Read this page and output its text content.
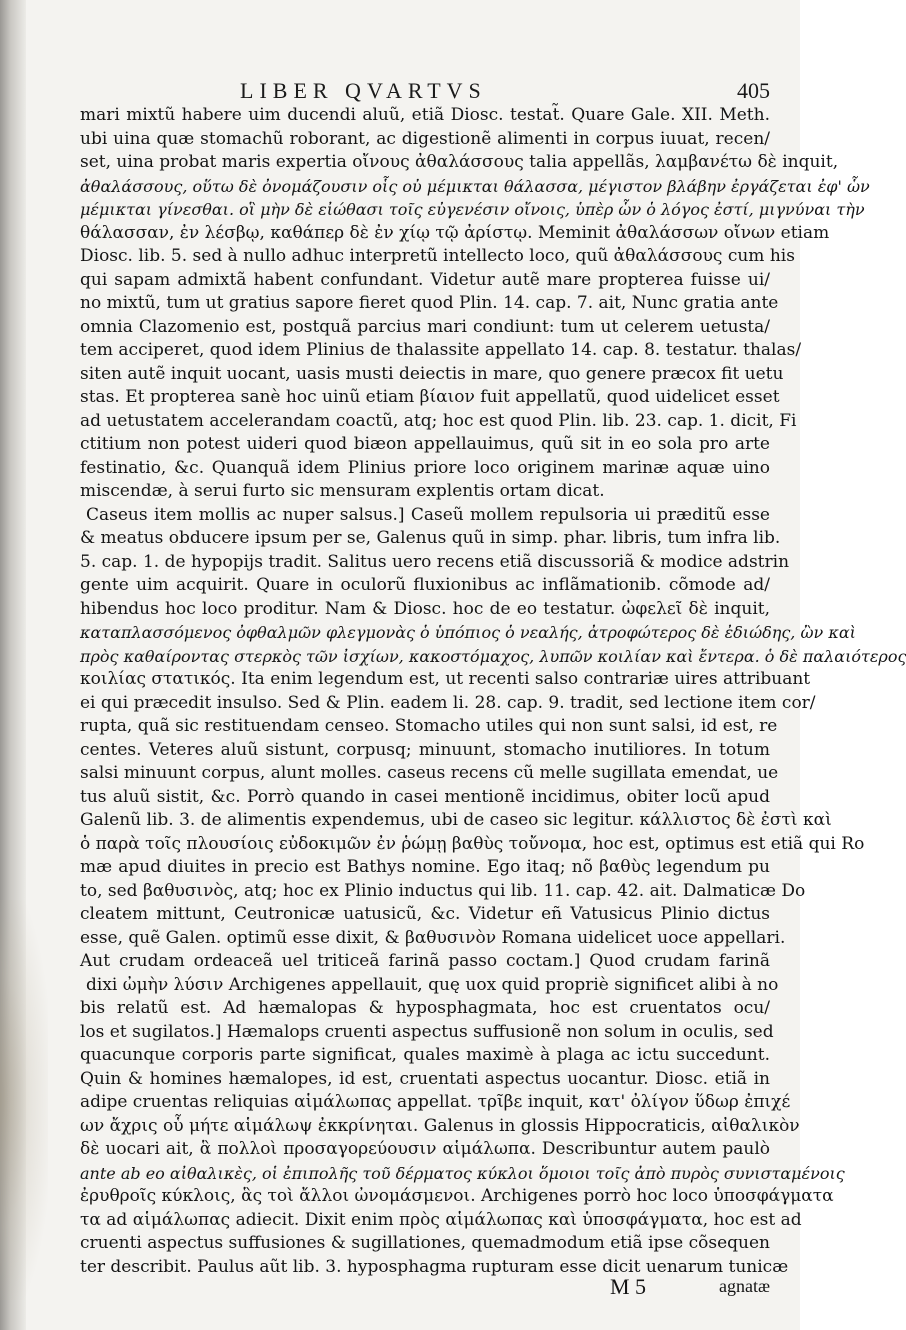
LIBER QVARTVS	405
mari mixtũ habere uim ducendi aluũ, etiã Diosc. testat̃. Quare Gale. XII. Meth.
ubi uina quæ stomachũ roborant, ac digestionẽ alimenti in corpus iuuat, recen/
set, uina probat maris expertia οἴνους ἀθαλάσσους talia appellãs, λαμβανέτω δὲ inquit,
ἀθαλάσσους, οὕτω δὲ ὀνομάζουσιν οἷς οὐ μέμικται θάλασσα, μέγιστον βλάβην ἐργάζεται ἐφ' ὧν
μέμικται γίνεσθαι. οἳ μὴν δὲ εἰώθασι τοῖς εὐγενέσιν οἴνοις, ὑπὲρ ὧν ὁ λόγος ἐστί, μιγνύναι τὴν
θάλασσαν, ἐν λέσβῳ, καθάπερ δὲ ἐν χίῳ τῷ ἀρίστῳ. Meminit ἀθαλάσσων οἴνων etiam
Diosc. lib. 5. sed à nullo adhuc interpretũ intellecto loco, quũ ἀθαλάσσους cum his
qui sapam admixtã habent confundant. Videtur autẽ mare propterea fuisse ui/
no mixtũ, tum ut gratius sapore fieret quod Plin. 14. cap. 7. ait, Nunc gratia ante
omnia Clazomenio est, postquã parcius mari condiunt: tum ut celerem uetusta/
tem acciperet, quod idem Plinius de thalassite appellato 14. cap. 8. testatur. thalas/
siten autẽ inquit uocant, uasis musti deiectis in mare, quo genere præcox fit uetu
stas. Et propterea sanè hoc uinũ etiam βίαιον fuit appellatũ, quod uidelicet esset
ad uetustatem accelerandam coactũ, atq; hoc est quod Plin. lib. 23. cap. 1. dicit, Fi
ctitium non potest uideri quod biæon appellauimus, quũ sit in eo sola pro arte
festinatio, &c. Quanquã idem Plinius priore loco originem marinæ aquæ uino
miscendæ, à serui furto sic mensuram explentis ortam dicat.
Caseus item mollis ac nuper salsus.] Caseũ mollem repulsoria ui præditũ esse
& meatus obducere ipsum per se, Galenus quũ in simp. phar. libris, tum infra lib.
5. cap. 1. de hypopijs tradit. Salitus uero recens etiã discussoriã & modice adstrin
gente uim acquirit. Quare in oculorũ fluxionibus ac inflãmationib. cõmode ad/
hibendus hoc loco proditur. Nam & Diosc. hoc de eo testatur. ὠφελεῖ δὲ inquit,
καταπλασσόμενος ὀφθαλμῶν φλεγμονὰς ὁ ὑπόπιος ὁ νεαλής, ἀτροφώτερος δὲ ἐδιώδης, ὢν καὶ
πρὸς καθαίροντας στερκὸς τῶν ἰσχίων, κακοστόμαχος, λυπῶν κοιλίαν καὶ ἔντερα. ὁ δὲ παλαιότερος
κοιλίας στατικός. Ita enim legendum est, ut recenti salso contrariæ uires attribuant
ei qui præcedit insulso. Sed & Plin. eadem li. 28. cap. 9. tradit, sed lectione item cor/
rupta, quã sic restituendam censeo. Stomacho utiles qui non sunt salsi, id est, re
centes. Veteres aluũ sistunt, corpusq; minuunt, stomacho inutiliores. In totum
salsi minuunt corpus, alunt molles. caseus recens cũ melle sugillata emendat, ue
tus aluũ sistit, &c. Porrò quando in casei mentionẽ incidimus, obiter locũ apud
Galenũ lib. 3. de alimentis expendemus, ubi de caseo sic legitur. κάλλιστος δὲ ἐστὶ καὶ
ὁ παρὰ τοῖς πλουσίοις εὐδοκιμῶν ἐν ῥώμῃ βαθὺς τοὔνομα, hoc est, optimus est etiã qui Ro
mæ apud diuites in precio est Bathys nomine. Ego itaq; nõ βαθὺς legendum pu
to, sed βαθυσινὸς, atq; hoc ex Plinio inductus qui lib. 11. cap. 42. ait. Dalmaticæ Do
cleatem mittunt, Ceutronicæ uatusicũ, &c. Videtur eñ Vatusicus Plinio dictus
esse, quẽ Galen. optimũ esse dixit, & βαθυσινὸν Romana uidelicet uoce appellari.
Aut crudam ordeaceã uel triticeã farinã passo coctam.] Quod crudam farinã
dixi ὠμὴν λύσιν Archigenes appellauit, quę uox quid propriè significet alibi à no
bis relatũ est. Ad hæmalopas & hyposphagmata, hoc est cruentatos ocu/
los et sugilatos.] Hæmalops cruenti aspectus suffusionẽ non solum in oculis, sed
quacunque corporis parte significat, quales maximè à plaga ac ictu succedunt.
Quin & homines hæmalopes, id est, cruentati aspectus uocantur. Diosc. etiã in
adipe cruentas reliquias αἱμάλωπας appellat. τρῖβε inquit, κατ' ὀλίγον ὕδωρ ἐπιχέ
ων ἄχρις οὗ μήτε αἱμάλωψ ἐκκρίνηται. Galenus in glossis Hippocraticis, αἰθαλικὸν
δὲ uocari ait, ἃ πολλοὶ προσαγορεύουσιν αἱμάλωπα. Describuntur autem paulò
ante ab eo αἰθαλικὲς, οἱ ἐπιπολῆς τοῦ δέρματος κύκλοι ὅμοιοι τοῖς ἀπὸ πυρὸς συνισταμένοις
ἐρυθροῖς κύκλοις, ἃς τοὶ ἄλλοι ὠνομάσμενοι. Archigenes porrò hoc loco ὑποσφάγματα
τα ad αἱμάλωπας adiecit. Dixit enim πρὸς αἱμάλωπας καὶ ὑποσφάγματα, hoc est ad
cruenti aspectus suffusiones & sugillationes, quemadmodum etiã ipse cõsequen
ter describit. Paulus aũt lib. 3. hyposphagma rupturam esse dicit uenarum tunicæ
M 5	agnatæ
